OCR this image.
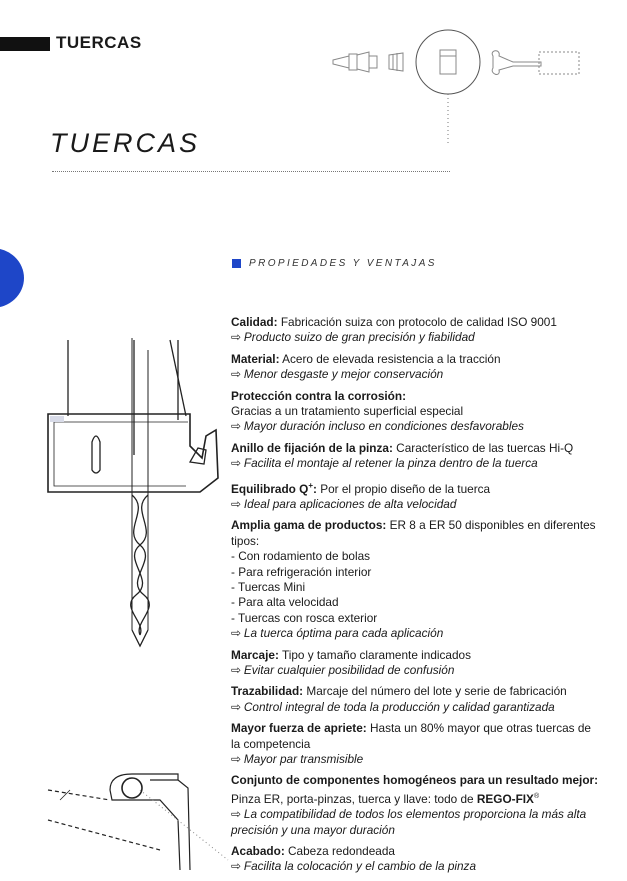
TUERCAS
TUERCAS
PROPIEDADES Y VENTAJAS
Calidad: Fabricación suiza con protocolo de calidad ISO 9001
⇨ Producto suizo de gran precisión y fiabilidad
Material: Acero de elevada resistencia a la tracción
⇨ Menor desgaste y mejor conservación
Protección contra la corrosión:
Gracias a un tratamiento superficial especial
⇨ Mayor duración incluso en condiciones desfavorables
Anillo de fijación de la pinza: Característico de las tuercas Hi-Q
⇨ Facilita el montaje al retener la pinza dentro de la tuerca
Equilibrado Q+: Por el propio diseño de la tuerca
⇨ Ideal para aplicaciones de alta velocidad
Amplia gama de productos: ER 8 a ER 50 disponibles en diferentes tipos:
- Con rodamiento de bolas
- Para refrigeración interior
- Tuercas Mini
- Para alta velocidad
- Tuercas con rosca exterior
⇨ La tuerca óptima para cada aplicación
Marcaje: Tipo y tamaño claramente indicados
⇨ Evitar cualquier posibilidad de confusión
Trazabilidad: Marcaje del número del lote y serie de fabricación
⇨ Control integral de toda la producción y calidad garantizada
Mayor fuerza de apriete: Hasta un 80% mayor que otras tuercas de la competencia
⇨ Mayor par transmisible
Conjunto de componentes homogéneos para un resultado mejor:
Pinza ER, porta-pinzas, tuerca y llave: todo de REGO-FIX®
⇨ La compatibilidad de todos los elementos proporciona la más alta precisión y una mayor duración
Acabado: Cabeza redondeada
⇨ Facilita la colocación y el cambio de la pinza
